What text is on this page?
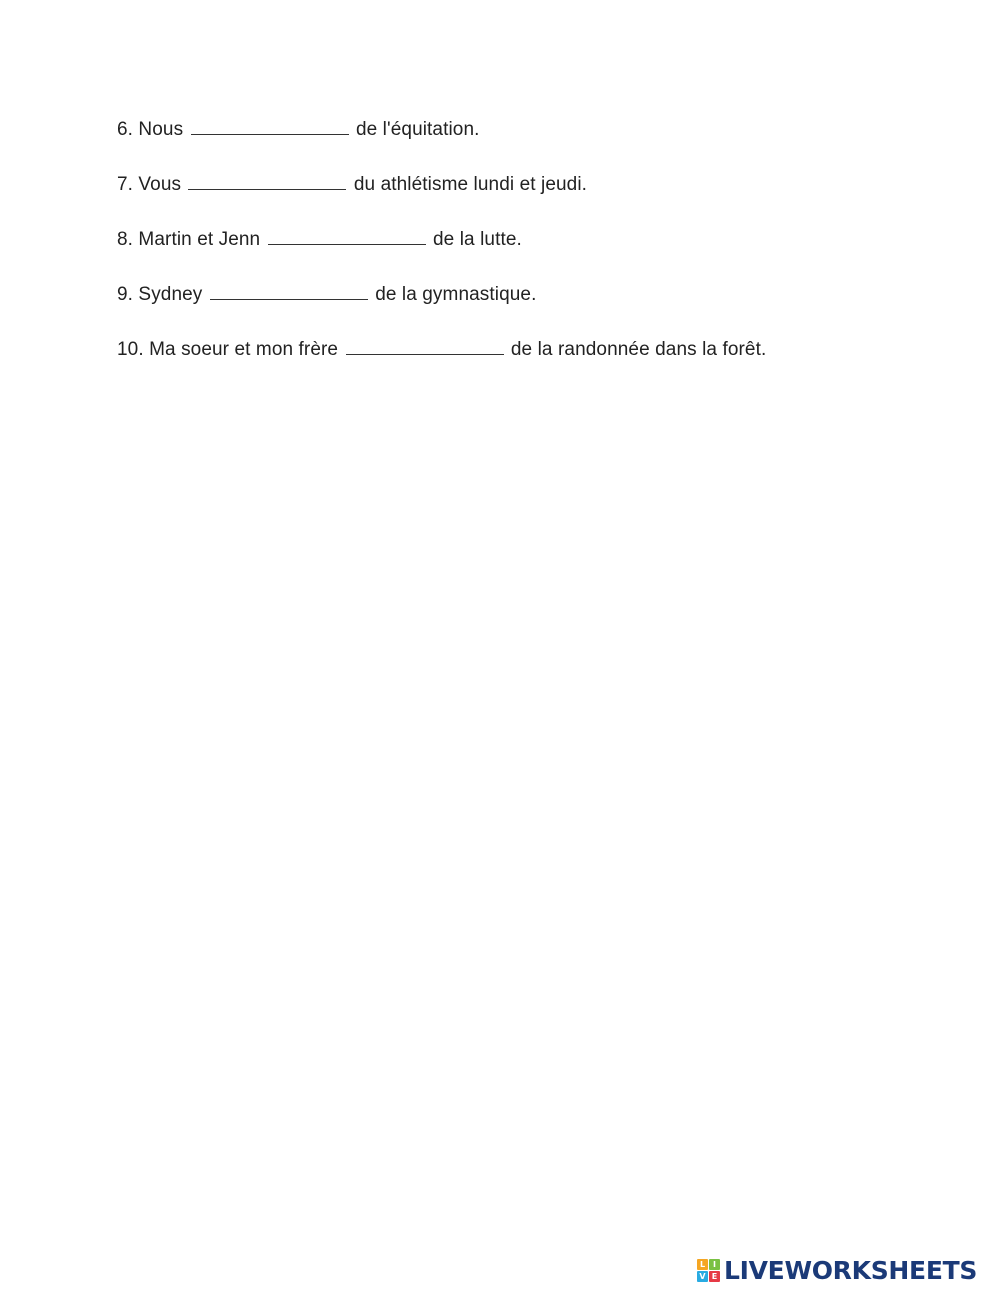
6. Nous	de l'équitation.
7. Vous	du athlétisme lundi et jeudi.
8. Martin et Jenn	de la lutte.
9. Sydney	de la gymnastique.
10. Ma soeur et mon frère	de la randonnée dans la forêt.
L I
V E LIVEWORKSHEETS
